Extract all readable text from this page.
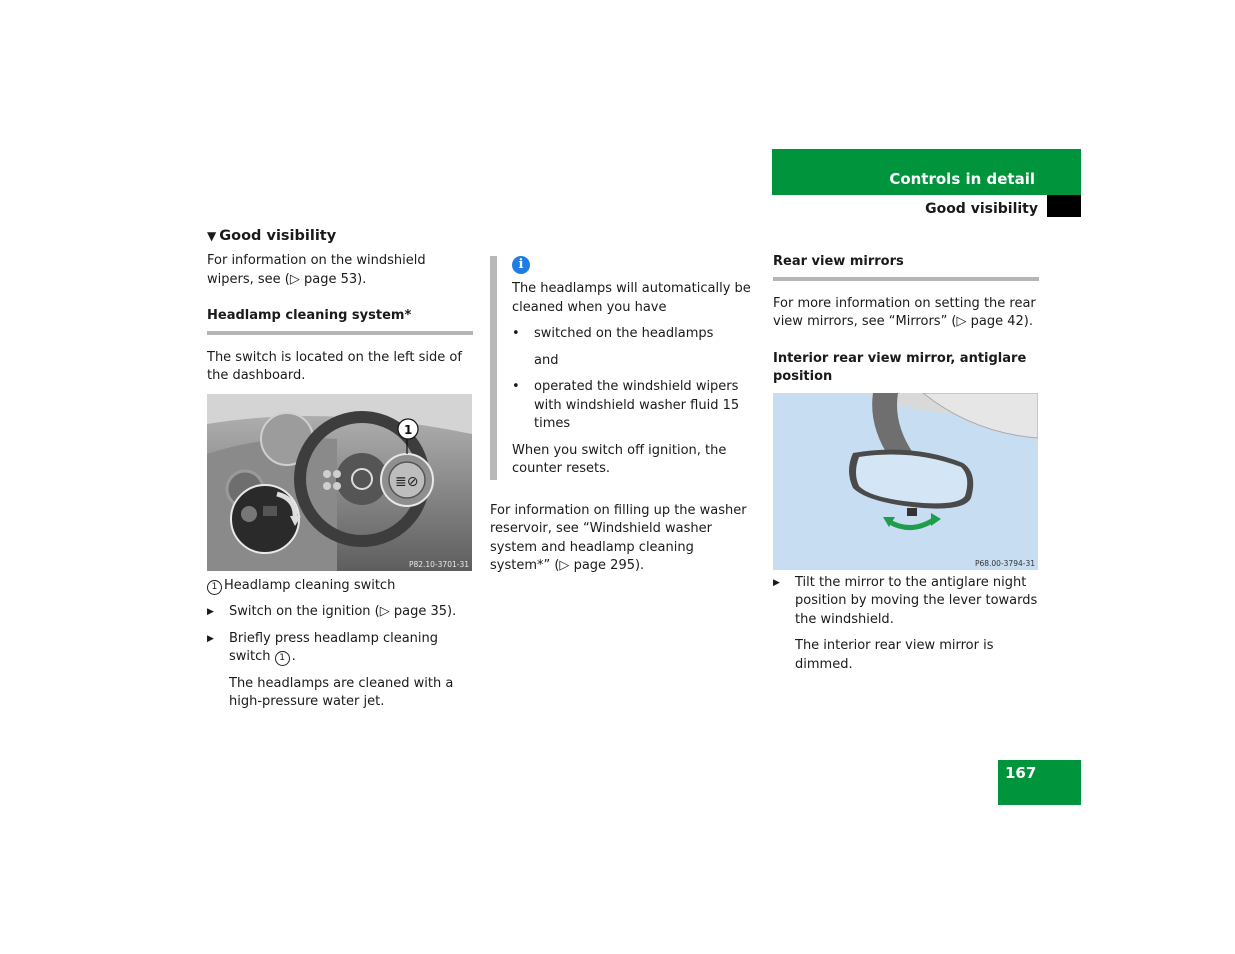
Controls in detail
Good visibility
▼ Good visibility

For information on the windshield wipers, see (▷ page 53).

Headlamp cleaning system*

The switch is located on the left side of the dashboard.

≣⊘
1
P82.10-3701-31

1 Headlamp cleaning switch

▶ Switch on the ignition (▷ page 35).
▶ Briefly press headlamp cleaning switch 1 .

The headlamps are cleaned with a high-pressure water jet.

i

The headlamps will automatically be cleaned when you have

• switched on the headlamps

and

• operated the windshield wipers with windshield washer fluid 15 times

When you switch off ignition, the counter resets.

For information on filling up the washer reservoir, see “Windshield washer system and headlamp cleaning system*” (▷ page 295).

Rear view mirrors

For more information on setting the rear view mirrors, see “Mirrors” (▷ page 42).

Interior rear view mirror, antiglare position

P68.00-3794-31
▶ Tilt the mirror to the antiglare night position by moving the lever towards the windshield.

The interior rear view mirror is dimmed.

167
